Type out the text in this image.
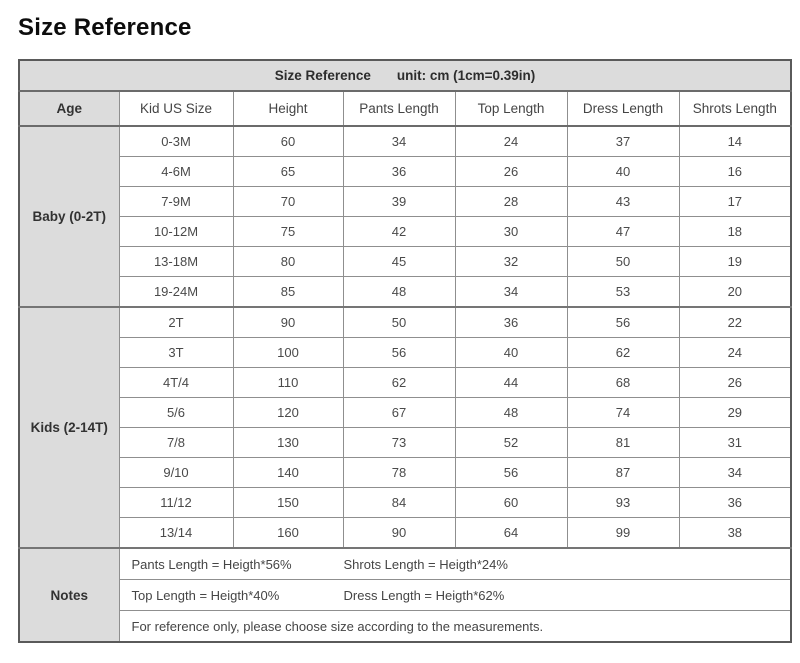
Size Reference
Size Reference unit: cm (1cm=0.39in)						
Age	Kid US Size	Height	Pants Length	Top Length	Dress Length	Shrots Length
Baby (0-2T)	0-3M	60	34	24	37	14
	4-6M	65	36	26	40	16
	7-9M	70	39	28	43	17
	10-12M	75	42	30	47	18
	13-18M	80	45	32	50	19
	19-24M	85	48	34	53	20
Kids (2-14T)	2T	90	50	36	56	22
	3T	100	56	40	62	24
	4T/4	110	62	44	68	26
	5/6	120	67	48	74	29
	7/8	130	73	52	81	31
	9/10	140	78	56	87	34
	11/12	150	84	60	93	36
	13/14	160	90	64	99	38
Notes	Pants Length = Heigth*56% Shrots Length = Heigth*24%					
	Top Length = Heigth*40% Dress Length = Heigth*62%					
	For reference only, please choose size according to the measurements.					
